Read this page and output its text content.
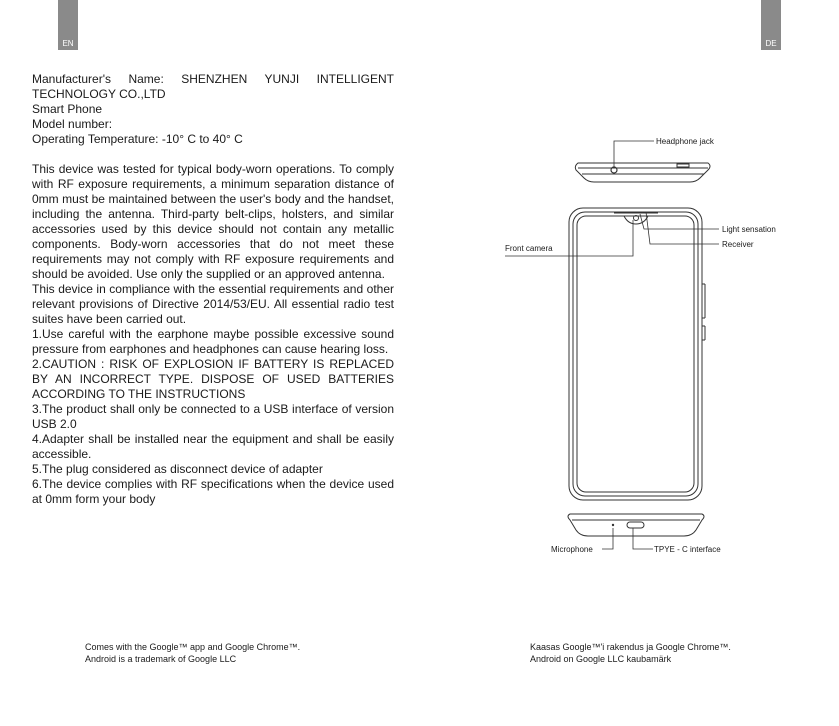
EN	DE

Manufacturer's Name: SHENZHEN YUNJI INTELLIGENT

TECHNOLOGY CO.,LTD

Smart Phone

Model number:

Operating Temperature: -10° C to 40° C

This device was tested for typical body-worn operations. To comply with RF exposure requirements, a minimum separation distance of 0mm must be maintained between the user's body and the handset, including the antenna. Third-party belt-clips, holsters, and similar accessories used by this device should not contain any metallic components. Body-worn accessories that do not meet these requirements may not comply with RF exposure requirements and should be avoided. Use only the supplied or an approved antenna.

This device in compliance with the essential requirements and other relevant provisions of Directive 2014/53/EU. All essential radio test suites have been carried out.

1.Use careful with the earphone maybe possible excessive sound pressure from earphones and headphones can cause hearing loss.

2.CAUTION : RISK OF EXPLOSION IF BATTERY IS REPLACED BY AN INCORRECT TYPE. DISPOSE OF USED BATTERIES ACCORDING TO THE INSTRUCTIONS

3.The product shall only be connected to a USB interface of version USB 2.0

4.Adapter shall be installed near the equipment and shall be easily accessible.

5.The plug considered as disconnect device of adapter

6.The device complies with RF specifications when the device used at 0mm form your body

Headphone jack
Light sensation
Receiver
Front camera
Microphone	TPYE - C interface
Comes with the Google™ app and Google Chrome™.
Android is a trademark of Google LLC
Kaasas Google™'i rakendus ja Google Chrome™.
Android on Google LLC kaubamärk
